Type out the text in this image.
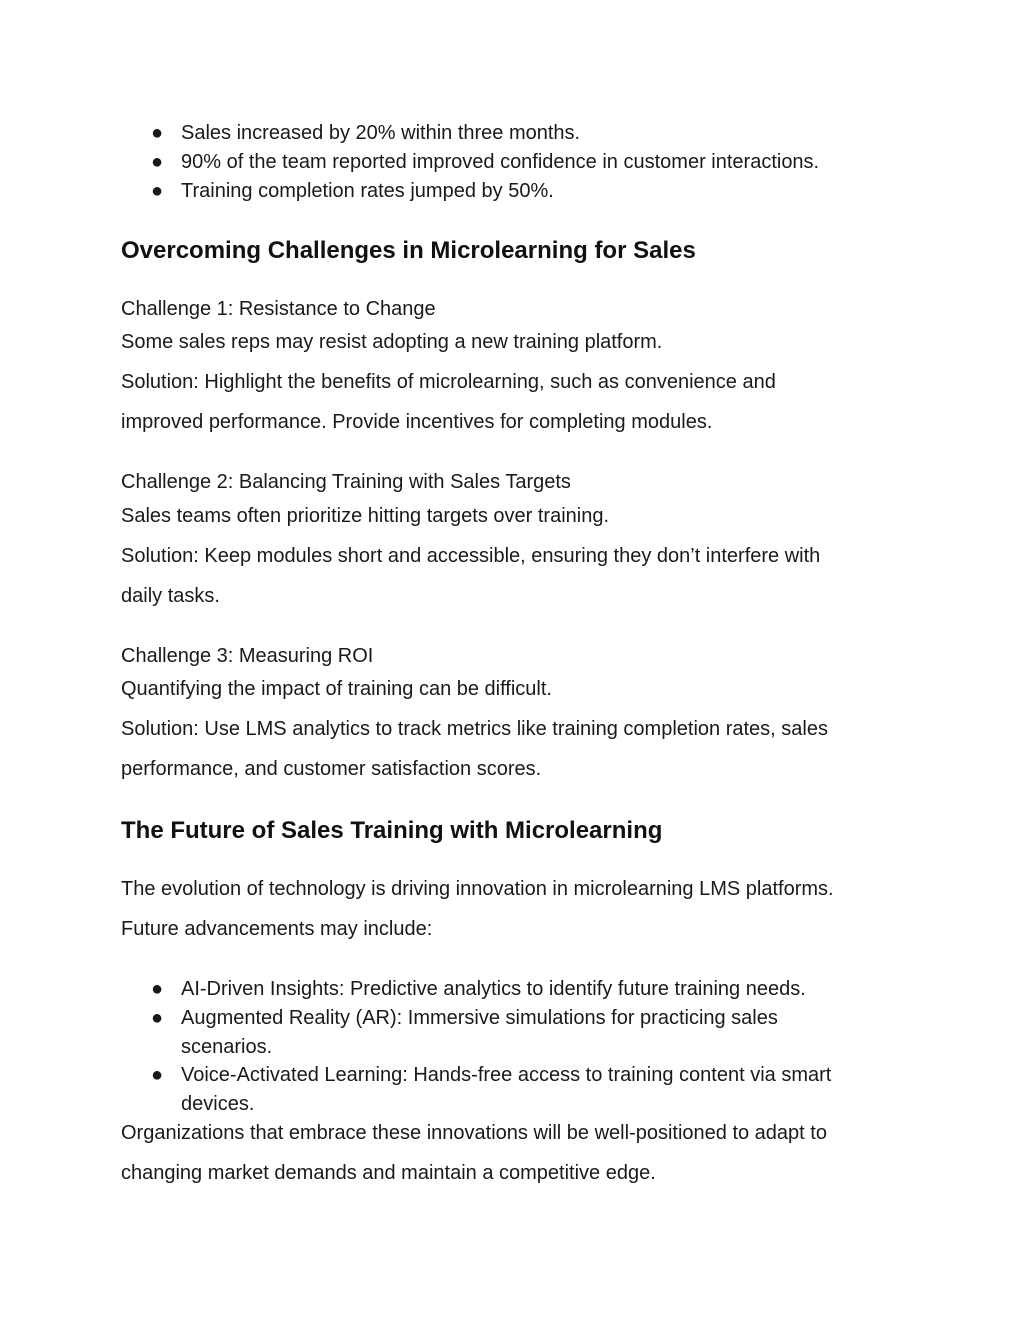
● Sales increased by 20% within three months.
● 90% of the team reported improved confidence in customer interactions.
● Training completion rates jumped by 50%.
Overcoming Challenges in Microlearning for Sales

Challenge 1: Resistance to Change

Some sales reps may resist adopting a new training platform.

Solution: Highlight the benefits of microlearning, such as convenience and

improved performance. Provide incentives for completing modules.

Challenge 2: Balancing Training with Sales Targets

Sales teams often prioritize hitting targets over training.

Solution: Keep modules short and accessible, ensuring they don’t interfere with

daily tasks.

Challenge 3: Measuring ROI

Quantifying the impact of training can be difficult.

Solution: Use LMS analytics to track metrics like training completion rates, sales

performance, and customer satisfaction scores.

The Future of Sales Training with Microlearning

The evolution of technology is driving innovation in microlearning LMS platforms.

Future advancements may include:

● AI-Driven Insights: Predictive analytics to identify future training needs.
● Augmented Reality (AR): Immersive simulations for practicing sales
scenarios.
● Voice-Activated Learning: Hands-free access to training content via smart
devices.

Organizations that embrace these innovations will be well-positioned to adapt to

changing market demands and maintain a competitive edge.
